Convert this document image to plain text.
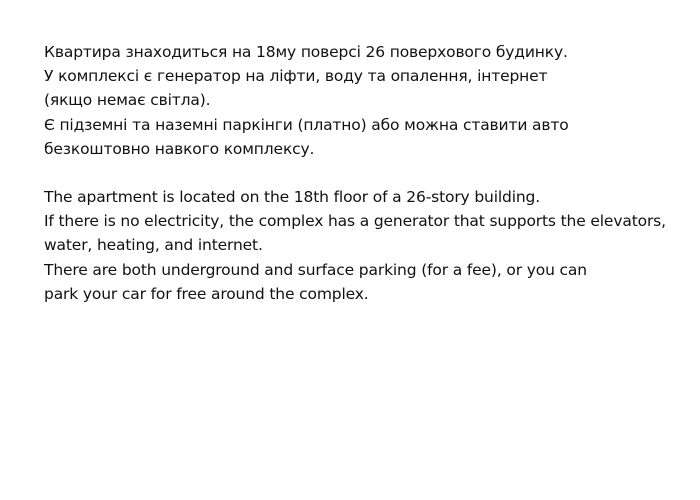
Квартира знаходиться на 18му поверсі 26 поверхового будинку.
У комплексі є генератор на ліфти, воду та опалення, інтернет
(якщо немає світла).
Є підземні та наземні паркінги (платно) або можна ставити авто
безкоштовно навкого комплексу.
The apartment is located on the 18th floor of a 26-story building.
If there is no electricity, the complex has a generator that supports the elevators,
water, heating, and internet.
There are both underground and surface parking (for a fee), or you can
park your car for free around the complex.
